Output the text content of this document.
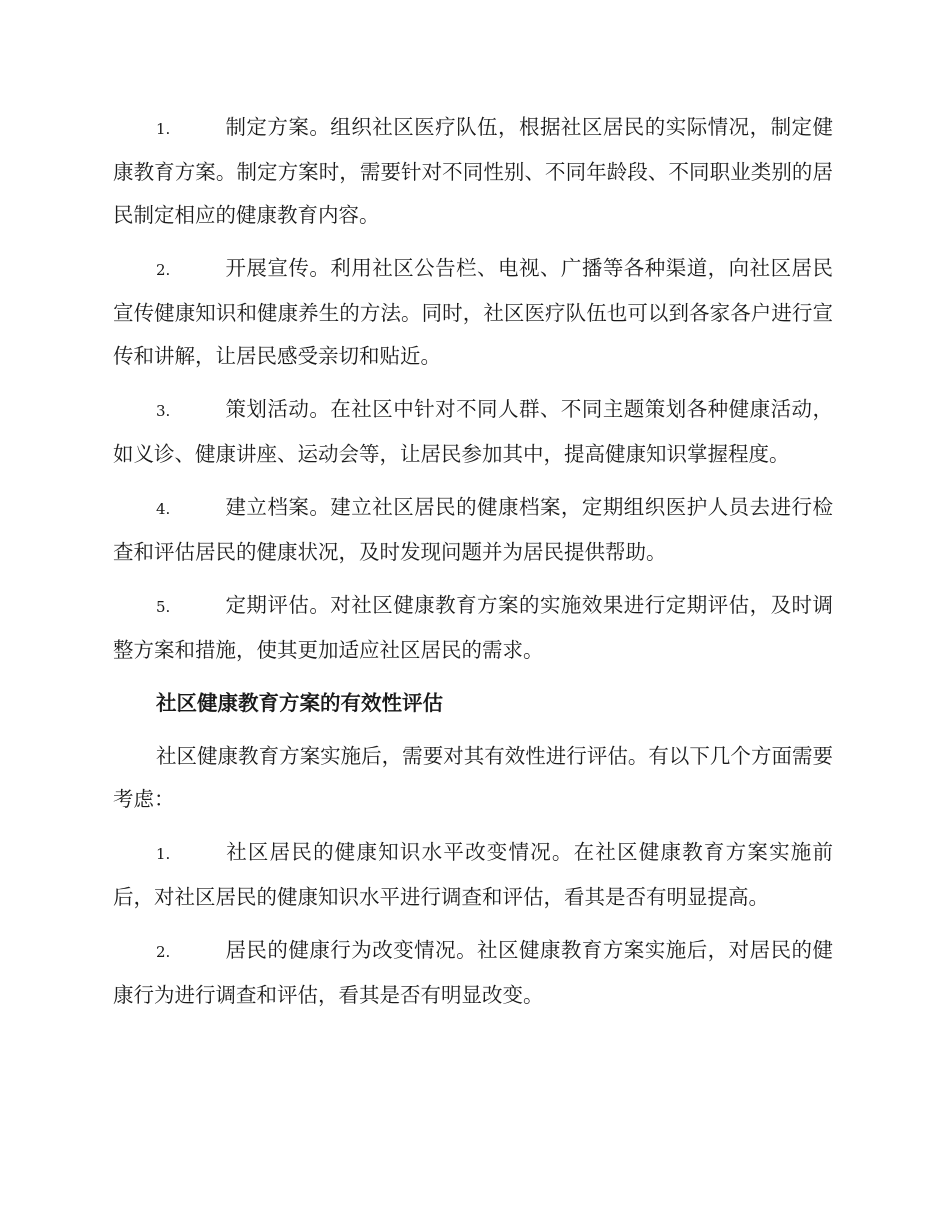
1.	制定方案。组织社区医疗队伍，根据社区居民的实际情况，制定健康教育方案。制定方案时，需要针对不同性别、不同年龄段、不同职业类别的居民制定相应的健康教育内容。

2.	开展宣传。利用社区公告栏、电视、广播等各种渠道，向社区居民宣传健康知识和健康养生的方法。同时，社区医疗队伍也可以到各家各户进行宣传和讲解，让居民感受亲切和贴近。

3.	策划活动。在社区中针对不同人群、不同主题策划各种健康活动，如义诊、健康讲座、运动会等，让居民参加其中，提高健康知识掌握程度。

4.	建立档案。建立社区居民的健康档案，定期组织医护人员去进行检查和评估居民的健康状况，及时发现问题并为居民提供帮助。

5.	定期评估。对社区健康教育方案的实施效果进行定期评估，及时调整方案和措施，使其更加适应社区居民的需求。

社区健康教育方案的有效性评估

社区健康教育方案实施后，需要对其有效性进行评估。有以下几个方面需要考虑：

1.	社区居民的健康知识水平改变情况。在社区健康教育方案实施前后，对社区居民的健康知识水平进行调查和评估，看其是否有明显提高。

2.	居民的健康行为改变情况。社区健康教育方案实施后，对居民的健康行为进行调查和评估，看其是否有明显改变。
